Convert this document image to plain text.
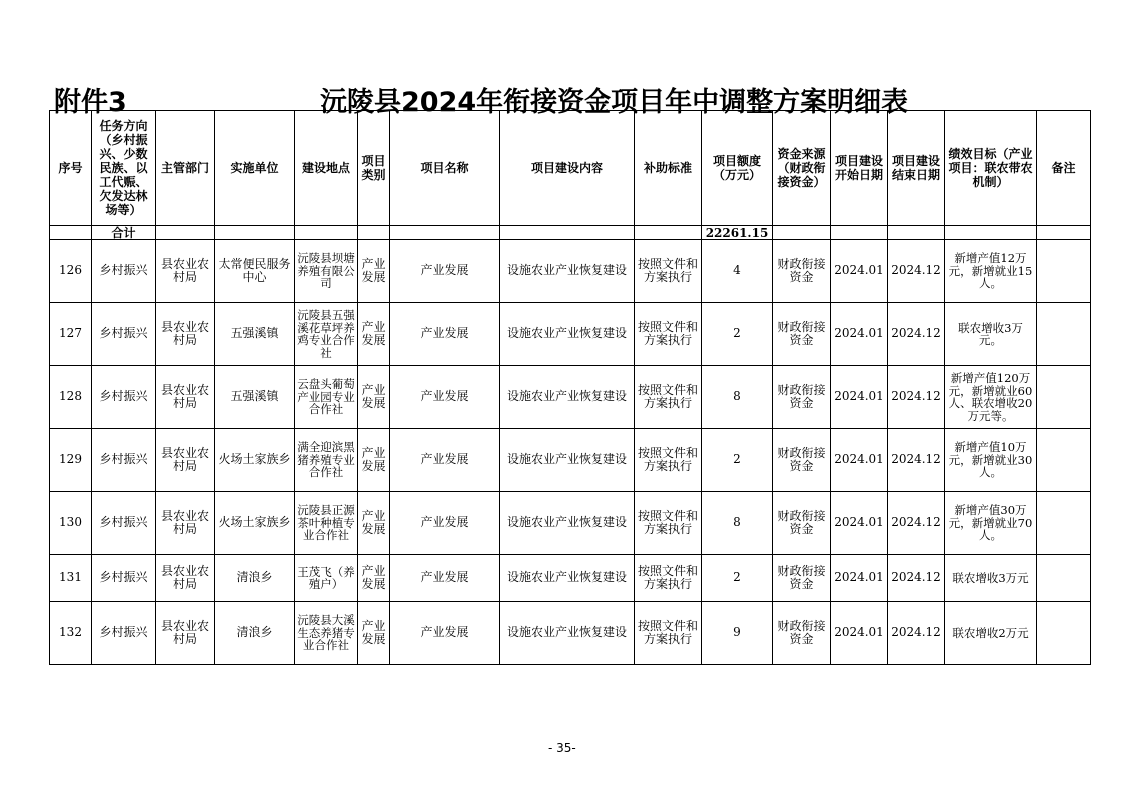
附件3	沅陵县2024年衔接资金项目年中调整方案明细表
序号	任务方向（乡村振兴、少数民族、以工代赈、欠发达林场等）	主管部门	实施单位	建设地点	项目类别	项目名称	项目建设内容	补助标准	项目额度（万元）	资金来源（财政衔接资金）	项目建设开始日期	项目建设结束日期	绩效目标（产业项目：联农带农机制）	备注
	合计								22261.15					
126	乡村振兴	县农业农村局	太常便民服务中心	沅陵县坝塘养殖有限公司	产业发展	产业发展	设施农业产业恢复建设	按照文件和方案执行	4	财政衔接资金	2024.01	2024.12	新增产值12万元，新增就业15人。	
127	乡村振兴	县农业农村局	五强溪镇	沅陵县五强溪花草坪养鸡专业合作社	产业发展	产业发展	设施农业产业恢复建设	按照文件和方案执行	2	财政衔接资金	2024.01	2024.12	联农增收3万元。	
128	乡村振兴	县农业农村局	五强溪镇	云盘头葡萄产业园专业合作社	产业发展	产业发展	设施农业产业恢复建设	按照文件和方案执行	8	财政衔接资金	2024.01	2024.12	新增产值120万元，新增就业60人、联农增收20万元等。	
129	乡村振兴	县农业农村局	火场土家族乡	满全迎滨黑猪养殖专业合作社	产业发展	产业发展	设施农业产业恢复建设	按照文件和方案执行	2	财政衔接资金	2024.01	2024.12	新增产值10万元，新增就业30人。	
130	乡村振兴	县农业农村局	火场土家族乡	沅陵县正源茶叶种植专业合作社	产业发展	产业发展	设施农业产业恢复建设	按照文件和方案执行	8	财政衔接资金	2024.01	2024.12	新增产值30万元，新增就业70人。	
131	乡村振兴	县农业农村局	清浪乡	王茂飞（养殖户）	产业发展	产业发展	设施农业产业恢复建设	按照文件和方案执行	2	财政衔接资金	2024.01	2024.12	联农增收3万元	
132	乡村振兴	县农业农村局	清浪乡	沅陵县大溪生态养猪专业合作社	产业发展	产业发展	设施农业产业恢复建设	按照文件和方案执行	9	财政衔接资金	2024.01	2024.12	联农增收2万元	
- 35-
